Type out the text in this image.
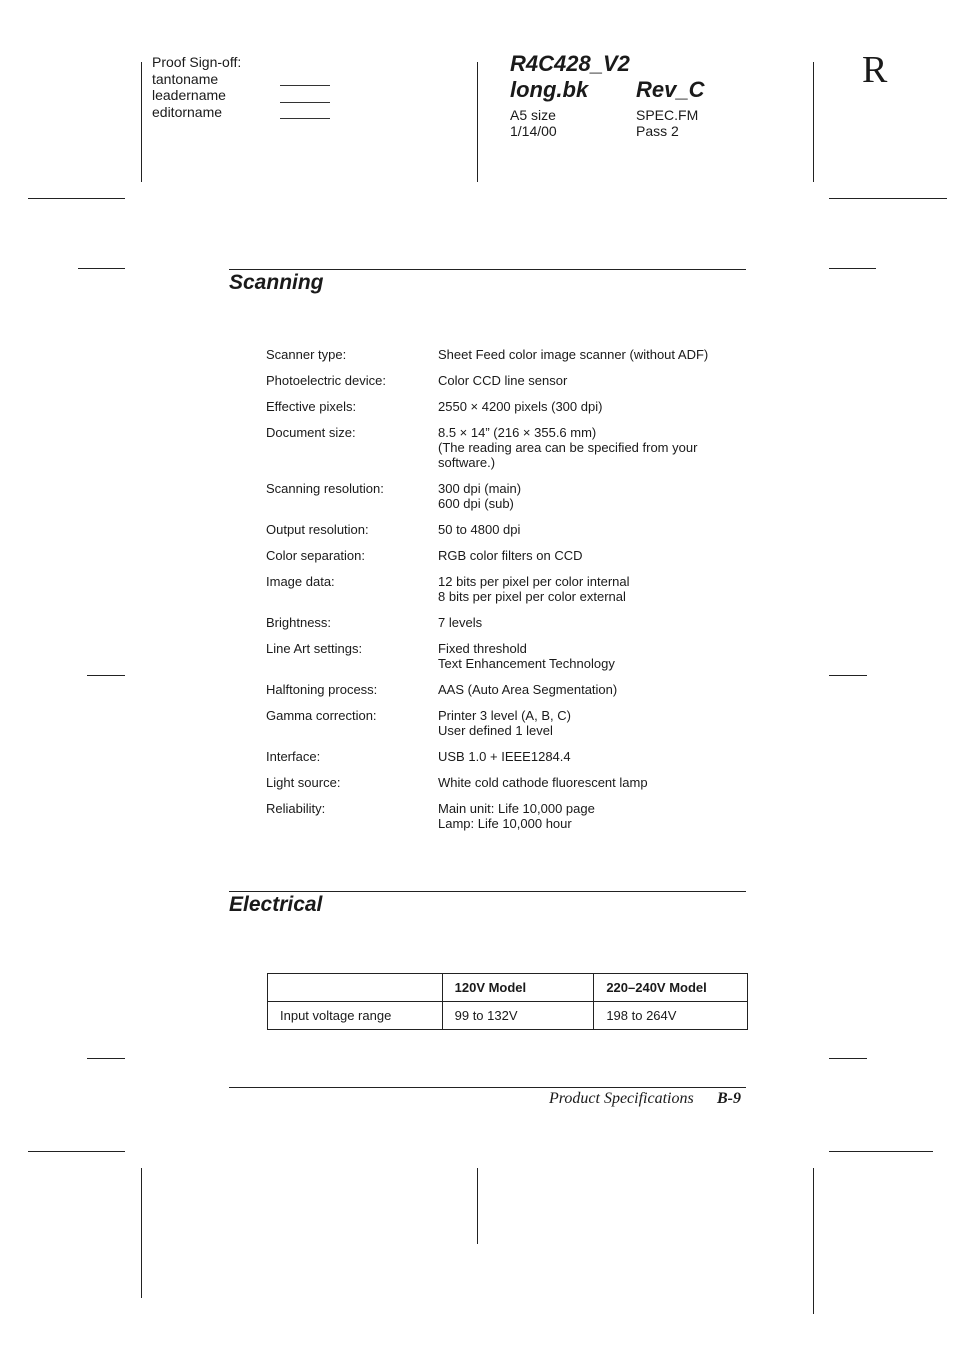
Proof Sign-off:
tantoname
leadername
editorname
R4C428_V2
long.bk Rev_C
A5 size
1/14/00
SPEC.FM
Pass 2
R
Scanning
Scanner type:	Sheet Feed color image scanner (without ADF)
Photoelectric device:	Color CCD line sensor
Effective pixels:	2550 × 4200 pixels (300 dpi)
Document size:	8.5 × 14” (216 × 355.6 mm)
(The reading area can be specified from your
software.)
Scanning resolution:	300 dpi (main)
600 dpi (sub)
Output resolution:	50 to 4800 dpi
Color separation:	RGB color filters on CCD
Image data:	12 bits per pixel per color internal
8 bits per pixel per color external
Brightness:	7 levels
Line Art settings:	Fixed threshold
Text Enhancement Technology
Halftoning process:	AAS (Auto Area Segmentation)
Gamma correction:	Printer 3 level (A, B, C)
User defined 1 level
Interface:	USB 1.0 + IEEE1284.4
Light source:	White cold cathode fluorescent lamp
Reliability:	Main unit: Life 10,000 page
Lamp: Life 10,000 hour
Electrical
	120V Model	220–240V Model
Input voltage range	99 to 132V	198 to 264V
Product Specifications B-9
